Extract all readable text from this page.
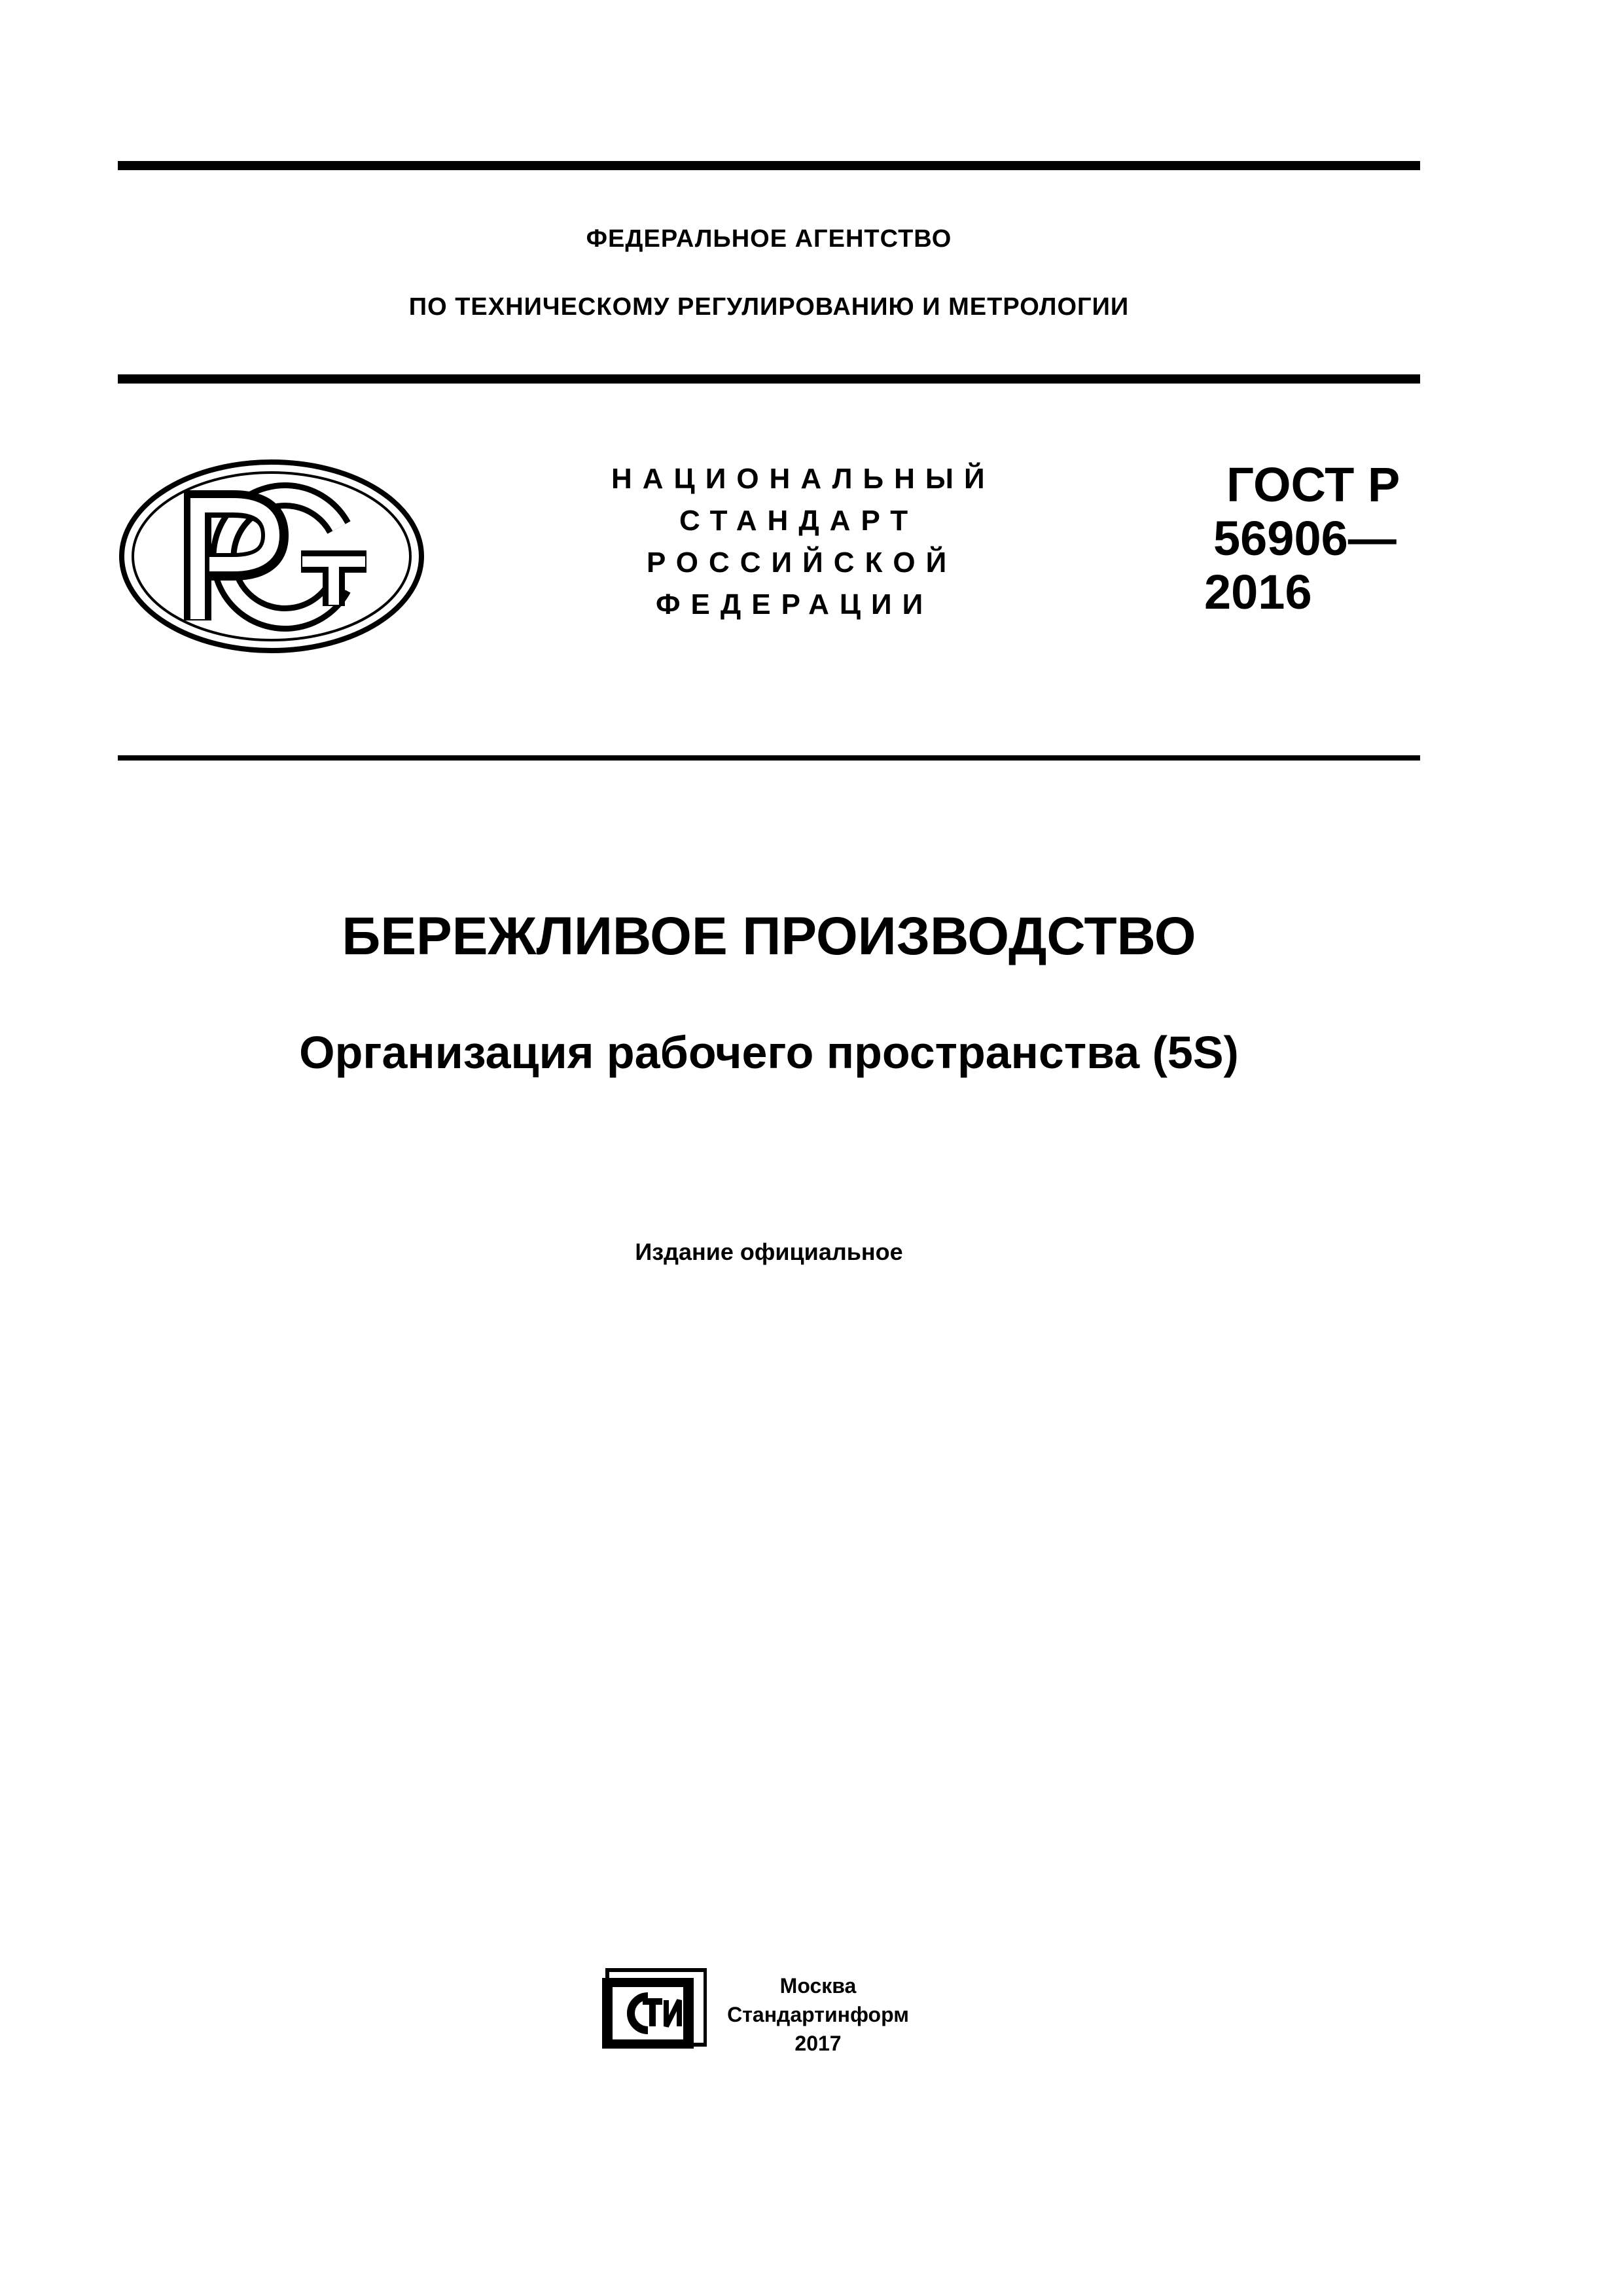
ФЕДЕРАЛЬНОЕ АГЕНТСТВО
ПО ТЕХНИЧЕСКОМУ РЕГУЛИРОВАНИЮ И МЕТРОЛОГИИ
НАЦИОНАЛЬНЫЙ
СТАНДАРТ
РОССИЙСКОЙ
ФЕДЕРАЦИИ
ГОСТ Р
56906—
2016
БЕРЕЖЛИВОЕ ПРОИЗВОДСТВО
Организация рабочего пространства (5S)
Издание официальное
Москва
Стандартинформ
2017
